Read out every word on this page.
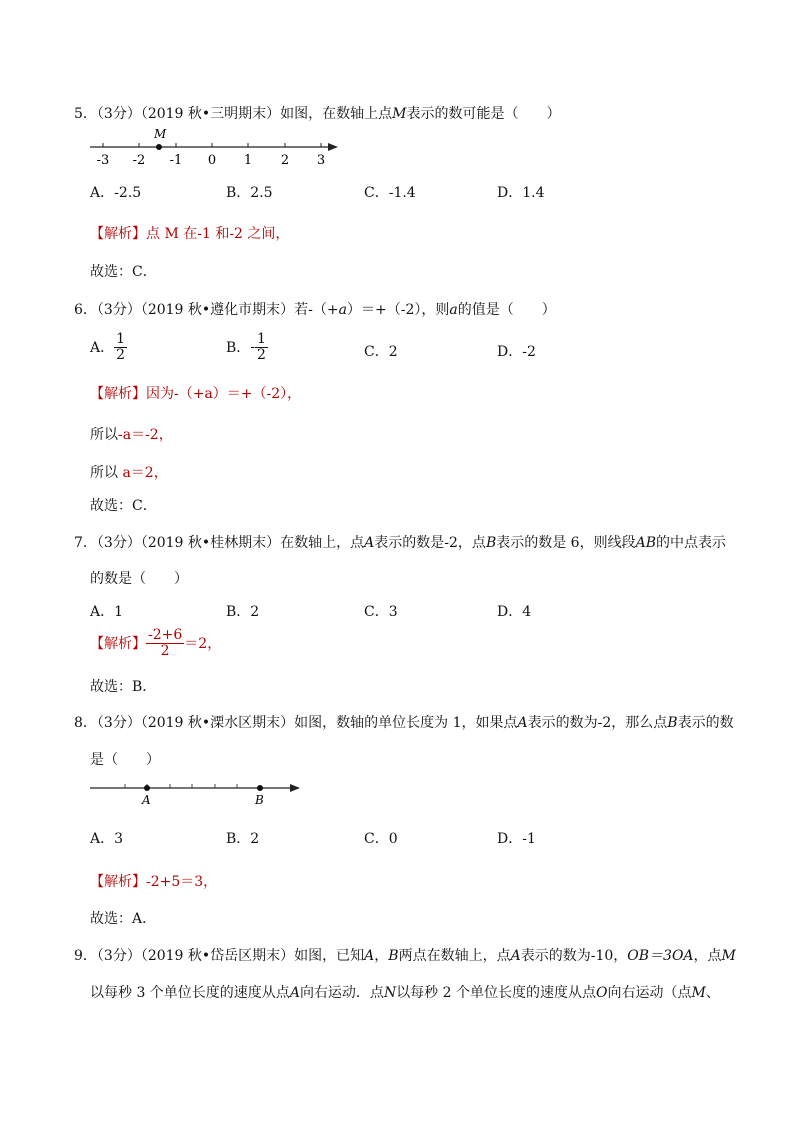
5．（3分）（2019 秋•三明期末）如图，在数轴上点M表示的数可能是（　　）
M
-3 -2 -1 0 1 2 3
A．-2.5	B．2.5	C．-1.4	D．1.4
【解析】点 M 在-1 和-2 之间，
故选：C．
6．（3分）（2019 秋•遵化市期末）若-（+a）＝+（-2），则a的值是（　　）
A． $\frac{1}{2}$	B．- $\frac{1}{2}$	C．2	D．-2
【解析】因为-（+a）＝+（-2），
所以-a＝-2，
所以 a＝2，
故选：C．
7．（3分）（2019 秋•桂林期末）在数轴上，点A表示的数是-2，点B表示的数是 6，则线段AB的中点表示
的数是（　　）
A．1	B．2	C．3	D．4
【解析】 $\frac{-2+6}{2} =2$，
故选：B．
8．（3分）（2019 秋•溧水区期末）如图，数轴的单位长度为 1，如果点A表示的数为-2，那么点B表示的数
是（　　）
A	B
A．3	B．2	C．0	D．-1
【解析】-2+5＝3，
故选：A．
9．（3分）（2019 秋•岱岳区期末）如图，已知A，B两点在数轴上，点A表示的数为-10，OB＝3OA，点M
以每秒 3 个单位长度的速度从点A向右运动．点N以每秒 2 个单位长度的速度从点O向右运动（点M、
